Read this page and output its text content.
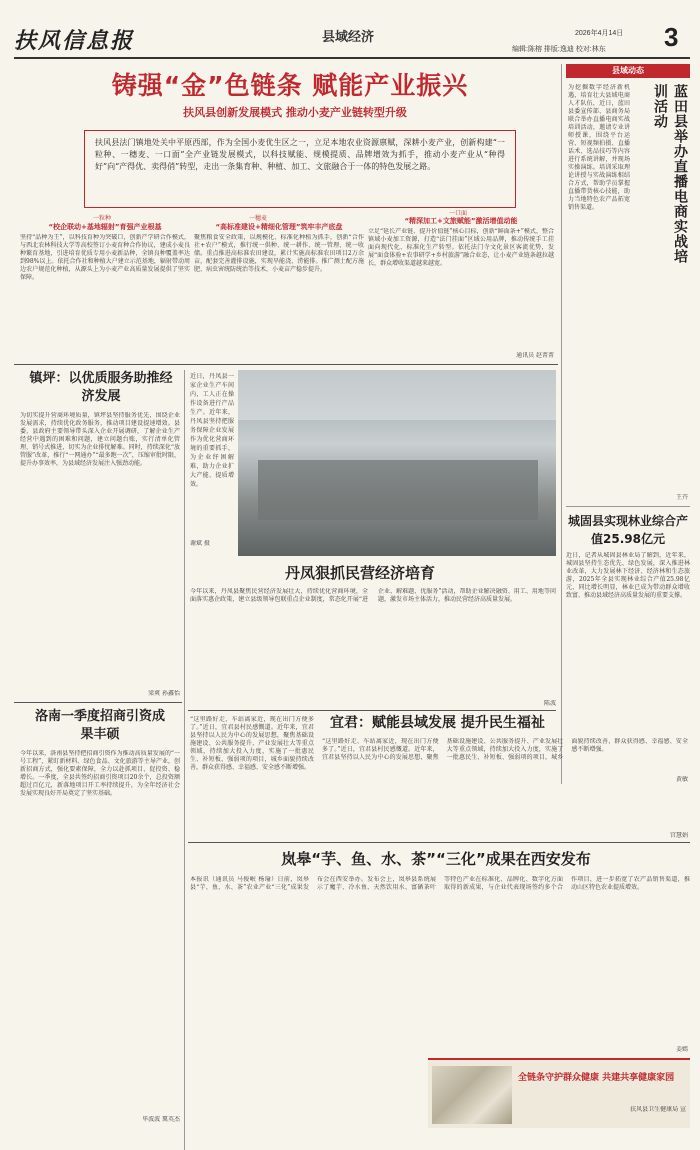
扶风信息报	县域经济	2026年4月14日
编辑:陈榕 排版:逸迪 校对:林东	3
铸强“金”色链条 赋能产业振兴
扶风县创新发展模式 推动小麦产业链转型升级
扶风县法门镇地处关中平原西部，作为全国小麦优生区之一，立足本地农业资源禀赋，深耕小麦产业，创新构建“一粒种、一穗麦、一口面”全产业链发展模式，以科技赋能、规模提质、品牌增效为抓手，推动小麦产业从“种得好”向“产得优、卖得俏”转型，走出一条集育种、种植、加工、文旅融合于一体的特色发展之路。
一粒种
“校企联动+基地辐射”育强产业根基
坚持“品种为王”，以科技育种为突破口，创新产学研合作模式，与西北农林科技大学等高校签订小麦育种合作协议，建成小麦良种繁育基地，引进培育优质专用小麦新品种，全镇良种覆盖率达到98%以上。依托合作社和种植大户建立示范基地，辐射带动周边农户规范化种植，从源头上为小麦产业高质量发展提供了坚实保障。
一穗麦
“高标准建设+精细化管理”筑牢丰产底盘
聚焦粮食安全政策，以规模化、标准化种植为抓手，创新“合作社+农户”模式，推行统一供种、统一耕作、统一管理、统一收储。重点推进高标准农田建设，累计实施高标准农田项目2万余亩，配套完善灌排设施，实现旱能浇、涝能排。推广测土配方施肥、病虫害统防统治等技术，小麦亩产稳步提升。
一口面
“精深加工+文旅赋能”激活增值动能
立足“延长产业链、提升价值链”核心目标，创新“鲜面条+”模式，整合镇域小麦加工资源，打造“法门挂面”区域公用品牌，推动传统手工挂面向现代化、标准化生产转型。依托法门寺文化景区客流优势，发展“面食体验+农事研学+乡村旅游”融合业态，让小麦产业链条越拉越长，群众增收渠道越来越宽。
通讯员 赵菁菁
县域动态
蓝田县举办直播电商实战培训活动
为挖掘数字经济新机遇，培育壮大县域电商人才队伍，近日，蓝田县委宣传部、县商务局联合举办直播电商实战培训活动，邀请专业讲师授课，围绕平台运营、短视频拍摄、直播话术、选品技巧等内容进行系统讲解，并现场实操演练。培训采取理论讲授与实战演练相结合方式，帮助学员掌握直播带货核心技能，助力当地特色农产品拓宽销售渠道。
王卉
城固县实现林业综合产值25.98亿元
近日，记者从城固县林业局了解到，近年来，城固县坚持生态优先、绿色发展，深入推进林业改革，大力发展林下经济、经济林和生态旅游，2025年全县实现林业综合产值25.98亿元，同比增长明显，林业已成为带动群众增收致富、推动县域经济高质量发展的重要支撑。
黄敏
镇坪：以优质服务助推经济发展
为切实提升营商环境质量，镇坪县坚持服务优先，围绕企业发展需求，持续优化政务服务，推动项目建设提速增效。县委、县政府主要领导带头深入企业开展调研，了解企业生产经营中遇到的困难和问题，建立问题台账，实行清单化管理、销号式推进，切实为企业排忧解难。同时，持续深化“放管服”改革，推行“一网通办”“最多跑一次”，压缩审批时限，提升办事效率，为县域经济发展注入强劲动能。
梁爽 孙鑫怡
洛南一季度招商引资成果丰硕
今年以来，洛南县坚持把招商引资作为推动高质量发展的“一号工程”，紧盯新材料、绿色食品、文化旅游等主导产业，创新招商方式，强化要素保障，全力以赴抓项目、促投资、稳增长。一季度，全县共签约招商引资项目20余个，总投资额超过百亿元，新落地项目开工率持续提升，为全年经济社会发展实现良好开局奠定了坚实基础。
毕波波 冀英杰
近日，丹凤县一家企业生产车间内，工人正在操作设备进行产品生产。近年来，丹凤县坚持把服务保障企业发展作为优化营商环境的重要抓手，为企业纾困解难，助力企业扩大产能、提质增效。
谢斌 摄
丹凤狠抓民营经济培育
今年以来，丹凤县聚焦民营经济发展壮大，持续优化营商环境，全面落实惠企政策，建立县级领导包联重点企业制度，常态化开展“进企业、解难题、优服务”活动，帮助企业解决融资、用工、用地等问题，激发市场主体活力，推动民营经济高质量发展。
陈波
“这里路好走、车站离家近，现在出门方便多了。”近日，宜君县村民感慨道。近年来，宜君县坚持以人民为中心的发展思想，聚焦基础设施建设、公共服务提升、产业发展壮大等重点领域，持续加大投入力度，实施了一批惠民生、补短板、强弱项的项目，城乡面貌持续改善，群众获得感、幸福感、安全感不断增强。
宜君：赋能县域发展 提升民生福祉
“这里路好走、车站离家近，现在出门方便多了。”近日，宜君县村民感慨道。近年来，宜君县坚持以人民为中心的发展思想，聚焦基础设施建设、公共服务提升、产业发展壮大等重点领域，持续加大投入力度，实施了一批惠民生、补短板、强弱项的项目，城乡面貌持续改善，群众获得感、幸福感、安全感不断增强。
宫慧娟
岚皋“芋、鱼、水、茶”“三化”成果在西安发布
本报讯（通讯员 马俊岷 杨瑜）日前，岚皋县“芋、鱼、水、茶”农业产业“三化”成果发布会在西安举办。发布会上，岚皋县系统展示了魔芋、冷水鱼、天然饮用水、富硒茶叶等特色产业在标准化、品牌化、数字化方面取得的新成果，与企业代表现场签约多个合作项目，进一步拓宽了农产品销售渠道，推动山区特色农业提质增效。
姜嫣
全链条守护群众健康 共建共享健康家园
扶风县卫生健康局 宣
